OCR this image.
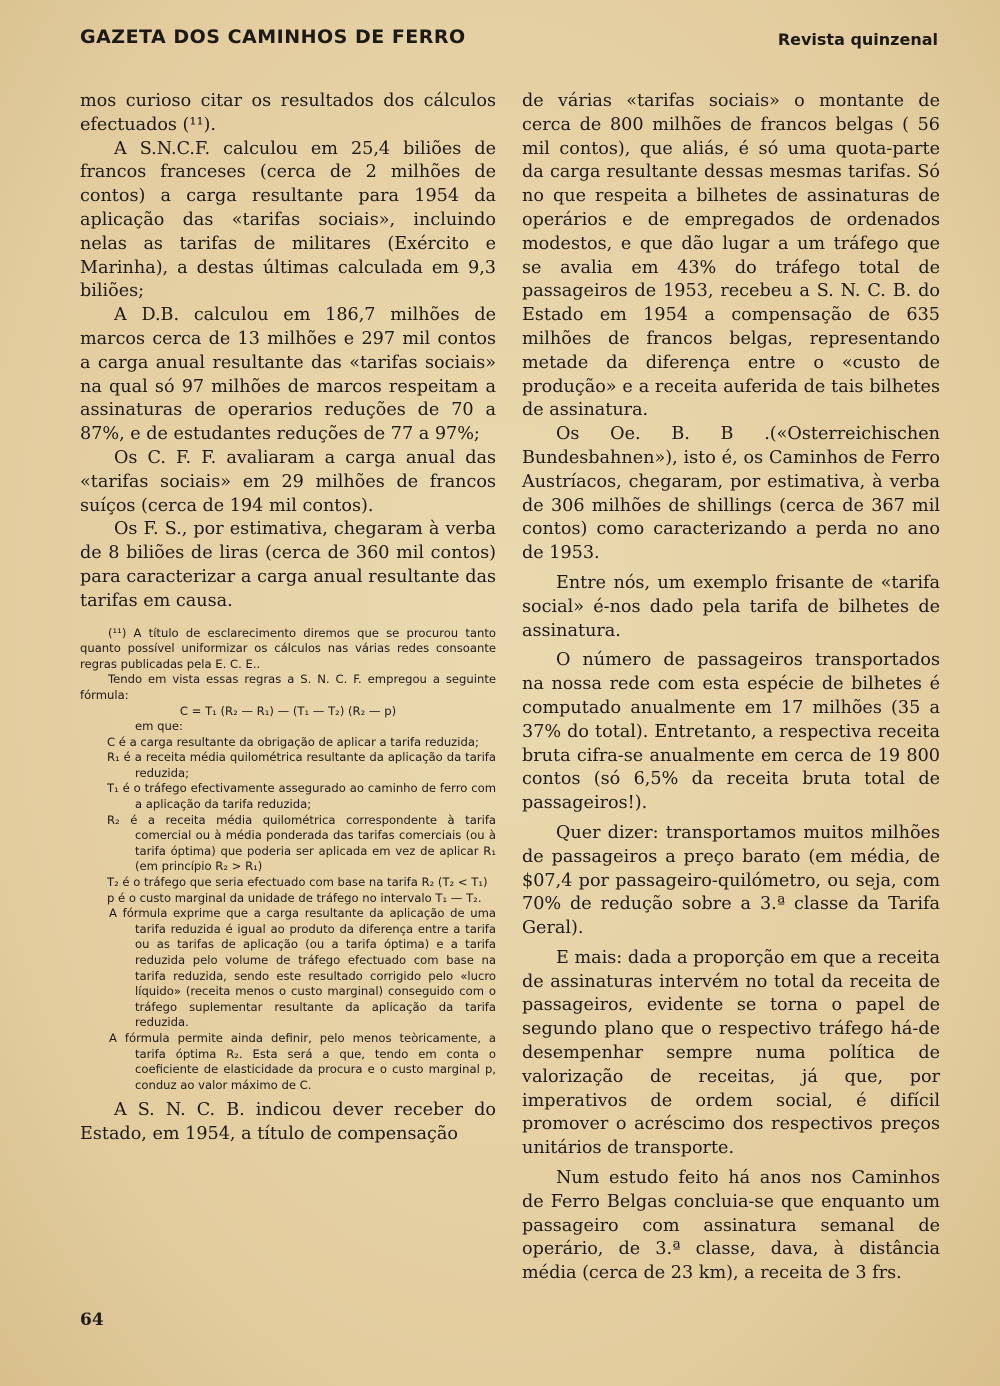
GAZETA DOS CAMINHOS DE FERRO	Revista quinzenal

mos curioso citar os resultados dos cálculos efectuados (¹¹).

A S.N.C.F. calculou em 25,4 biliões de francos franceses (cerca de 2 milhões de contos) a carga resultante para 1954 da aplicação das «tarifas sociais», incluindo nelas as tarifas de militares (Exército e Marinha), a destas últimas calculada em 9,3 biliões;

A D.B. calculou em 186,7 milhões de marcos cerca de 13 milhões e 297 mil contos a carga anual resultante das «tarifas sociais» na qual só 97 milhões de marcos respeitam a assinaturas de operarios reduções de 70 a 87%, e de estudantes reduções de 77 a 97%;

Os C. F. F. avaliaram a carga anual das «tarifas sociais» em 29 milhões de francos suíços (cerca de 194 mil contos).

Os F. S., por estimativa, chegaram à verba de 8 biliões de liras (cerca de 360 mil contos) para caracterizar a carga anual resultante das tarifas em causa.

(¹¹) A título de esclarecimento diremos que se procurou tanto quanto possível uniformizar os cálculos nas várias redes consoante regras publicadas pela E. C. E..
Tendo em vista essas regras a S. N. C. F. empregou a seguinte fórmula:
C = T₁ (R₂ — R₁) — (T₁ — T₂) (R₂ — p)
em que:
C é a carga resultante da obrigação de aplicar a tarifa reduzida;
R₁ é a receita média quilométrica resultante da aplicação da tarifa reduzida;
T₁ é o tráfego efectivamente assegurado ao caminho de ferro com a aplicação da tarifa reduzida;
R₂ é a receita média quilométrica correspondente à tarifa comercial ou à média ponderada das tarifas comerciais (ou à tarifa óptima) que poderia ser aplicada em vez de aplicar R₁ (em princípio R₂ > R₁)
T₂ é o tráfego que seria efectuado com base na tarifa R₂ (T₂ < T₁)
p é o custo marginal da unidade de tráfego no intervalo T₁ — T₂.
A fórmula exprime que a carga resultante da aplicação de uma tarifa reduzida é igual ao produto da diferença entre a tarifa ou as tarifas de aplicação (ou a tarifa óptima) e a tarifa reduzida pelo volume de tráfego efectuado com base na tarifa reduzida, sendo este resultado corrigido pelo «lucro líquido» (receita menos o custo marginal) conseguido com o tráfego suplementar resultante da aplicação da tarifa reduzida.
A fórmula permite ainda definir, pelo menos teòricamente, a tarifa óptima R₂. Esta será a que, tendo em conta o coeficiente de elasticidade da procura e o custo marginal p, conduz ao valor máximo de C.

A S. N. C. B. indicou dever receber do Estado, em 1954, a título de compensação

de várias «tarifas sociais» o montante de cerca de 800 milhões de francos belgas ( 56 mil contos), que aliás, é só uma quota-parte da carga resultante dessas mesmas tarifas. Só no que respeita a bilhetes de assinaturas de operários e de empregados de ordenados modestos, e que dão lugar a um tráfego que se avalia em 43% do tráfego total de passageiros de 1953, recebeu a S. N. C. B. do Estado em 1954 a compensação de 635 milhões de francos belgas, representando metade da diferença entre o «custo de produção» e a receita auferida de tais bilhetes de assinatura.

Os Oe. B. B .(«Osterreichischen Bundesbahnen»), isto é, os Caminhos de Ferro Austríacos, chegaram, por estimativa, à verba de 306 milhões de shillings (cerca de 367 mil contos) como caracterizando a perda no ano de 1953.

Entre nós, um exemplo frisante de «tarifa social» é-nos dado pela tarifa de bilhetes de assinatura.

O número de passageiros transportados na nossa rede com esta espécie de bilhetes é computado anualmente em 17 milhões (35 a 37% do total). Entretanto, a respectiva receita bruta cifra-se anualmente em cerca de 19 800 contos (só 6,5% da receita bruta total de passageiros!).

Quer dizer: transportamos muitos milhões de passageiros a preço barato (em média, de $07,4 por passageiro-quilómetro, ou seja, com 70% de redução sobre a 3.ª classe da Tarifa Geral).

E mais: dada a proporção em que a receita de assinaturas intervém no total da receita de passageiros, evidente se torna o papel de segundo plano que o respectivo tráfego há-de desempenhar sempre numa política de valorização de receitas, já que, por imperativos de ordem social, é difícil promover o acréscimo dos respectivos preços unitários de transporte.

Num estudo feito há anos nos Caminhos de Ferro Belgas concluia-se que enquanto um passageiro com assinatura semanal de operário, de 3.ª classe, dava, à distância média (cerca de 23 km), a receita de 3 frs.

64
